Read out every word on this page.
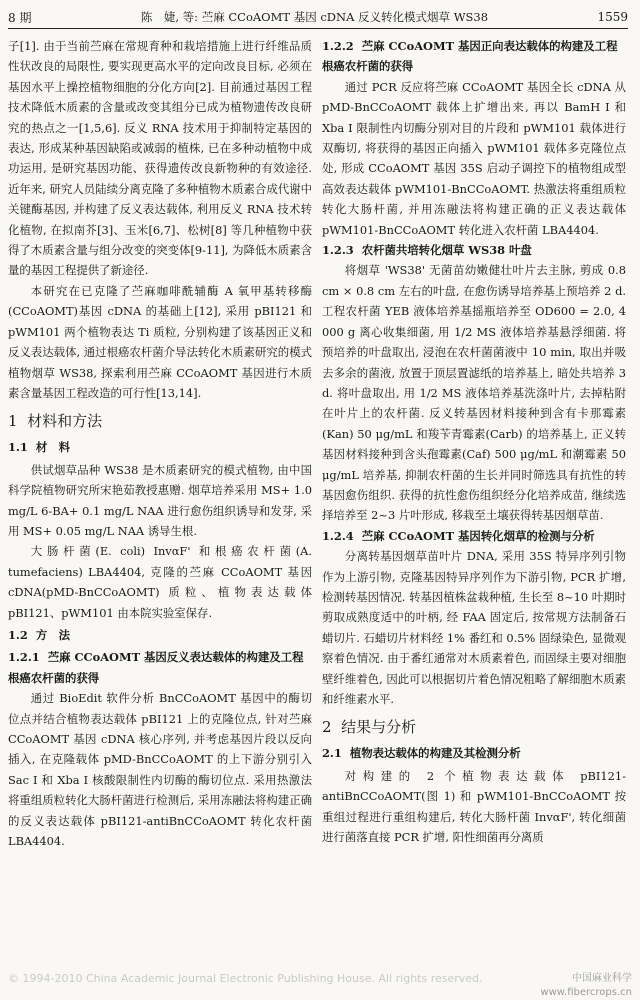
8 期	陈　婕, 等: 苎麻 CCoAOMT 基因 cDNA 反义转化模式烟草 WS38	1559

子[1]. 由于当前苎麻在常规育种和栽培措施上进行纤维品质性状改良的局限性, 要实现更高水平的定向改良目标, 必须在基因水平上操控植物细胞的分化方向[2]. 目前通过基因工程技术降低木质素的含量或改变其组分已成为植物遗传改良研究的热点之一[1,5,6]. 反义 RNA 技术用于抑制特定基因的表达, 形成某种基因缺陷或减弱的植株, 已在多种动植物中成功运用, 是研究基因功能、获得遗传改良新物种的有效途径. 近年来, 研究人员陆续分离克隆了多种植物木质素合成代谢中关键酶基因, 并构建了反义表达载体, 利用反义 RNA 技术转化植物, 在拟南芥[3]、玉米[6,7]、松树[8] 等几种植物中获得了木质素含量与组分改变的突变体[9-11], 为降低木质素含量的基因工程提供了新途径.

本研究在已克隆了苎麻咖啡酰辅酶 A 氧甲基转移酶(CCoAOMT)基因 cDNA 的基础上[12], 采用 pBI121 和 pWM101 两个植物表达 Ti 质粒, 分别构建了该基因正义和反义表达载体, 通过根癌农杆菌介导法转化木质素研究的模式植物烟草 WS38, 探索利用苎麻 CCoAOMT 基因进行木质素含量基因工程改造的可行性[13,14].

1 材料和方法
1.1 材　料

供试烟草品种 WS38 是木质素研究的模式植物, 由中国科学院植物研究所宋艳茹教授惠赠. 烟草培养采用 MS+ 1.0 mg/L 6-BA+ 0.1 mg/L NAA 进行愈伤组织诱导和发芽, 采用 MS+ 0.05 mg/L NAA 诱导生根.

大肠杆菌(E. coli) InvαF' 和根癌农杆菌(A. tumefaciens) LBA4404, 克隆的苎麻 CCoAOMT 基因 cDNA(pMD-BnCCoAOMT) 质粒、植物表达载体 pBI121、pWM101 由本院实验室保存.

1.2 方　法

1.2.1 苎麻 CCoAOMT 基因反义表达载体的构建及工程根癌农杆菌的获得

通过 BioEdit 软件分析 BnCCoAOMT 基因中的酶切位点并结合植物表达载体 pBI121 上的克隆位点, 针对苎麻 CCoAOMT 基因 cDNA 核心序列, 并考虑基因片段以反向插入, 在克隆载体 pMD-BnCCoAOMT 的上下游分别引入 Sac I 和 Xba I 核酸限制性内切酶的酶切位点. 采用热激法将重组质粒转化大肠杆菌进行检测后, 采用冻融法将构建正确的反义表达载体 pBI121-antiBnCCoAOMT 转化农杆菌 LBA4404.

1.2.2 苎麻 CCoAOMT 基因正向表达载体的构建及工程根癌农杆菌的获得

通过 PCR 反应将苎麻 CCoAOMT 基因全长 cDNA 从 pMD-BnCCoAOMT 载体上扩增出来, 再以 BamH I 和 Xba I 限制性内切酶分别对目的片段和 pWM101 载体进行双酶切, 将获得的基因正向插入 pWM101 载体多克隆位点处, 形成 CCoAOMT 基因 35S 启动子调控下的植物组成型高效表达载体 pWM101-BnCCoAOMT. 热激法将重组质粒转化大肠杆菌, 并用冻融法将构建正确的正义表达载体 pWM101-BnCCoAOMT 转化进入农杆菌 LBA4404.

1.2.3 农杆菌共培转化烟草 WS38 叶盘

将烟草 'WS38' 无菌苗幼嫩健壮叶片去主脉, 剪成 0.8 cm × 0.8 cm 左右的叶盘, 在愈伤诱导培养基上预培养 2 d. 工程农杆菌 YEB 液体培养基摇瓶培养至 OD600 = 2.0, 4 000 g 离心收集细菌, 用 1/2 MS 液体培养基悬浮细菌. 将预培养的叶盘取出, 浸泡在农杆菌菌液中 10 min, 取出并吸去多余的菌液, 放置于顶层置滤纸的培养基上, 暗处共培养 3 d. 将叶盘取出, 用 1/2 MS 液体培养基洗涤叶片, 去掉粘附在叶片上的农杆菌. 反义转基因材料接种到含有卡那霉素(Kan) 50 μg/mL 和羧苄青霉素(Carb) 的培养基上, 正义转基因材料接种到含头孢霉素(Caf) 500 μg/mL 和潮霉素 50 μg/mL 培养基, 抑制农杆菌的生长并同时筛选具有抗性的转基因愈伤组织. 获得的抗性愈伤组织经分化培养成苗, 继续选择培养至 2~3 片叶形成, 移栽至土壤获得转基因烟草苗.

1.2.4 苎麻 CCoAOMT 基因转化烟草的检测与分析

分离转基因烟草苗叶片 DNA, 采用 35S 特异序列引物作为上游引物, 克隆基因特异序列作为下游引物, PCR 扩增, 检测转基因情况. 转基因植株盆栽种植, 生长至 8~10 叶期时剪取成熟度适中的叶柄, 经 FAA 固定后, 按常规方法制备石蜡切片. 石蜡切片材料经 1% 番红和 0.5% 固绿染色, 显微观察着色情况. 由于番红通常对木质素着色, 而固绿主要对细胞壁纤维着色, 因此可以根据切片着色情况粗略了解细胞木质素和纤维素水平.

2 结果与分析
2.1 植物表达载体的构建及其检测分析

对构建的 2 个植物表达载体 pBI121-antiBnCCoAOMT(图 1) 和 pWM101-BnCCoAOMT 按重组过程进行重组构建后, 转化大肠杆菌 InvαF', 转化细菌进行菌落直接 PCR 扩增, 阳性细菌再分离质

© 1994-2010 China Academic Journal Electronic Publishing House. All rights reserved.	中国麻业科学
www.fibercrops.cn
